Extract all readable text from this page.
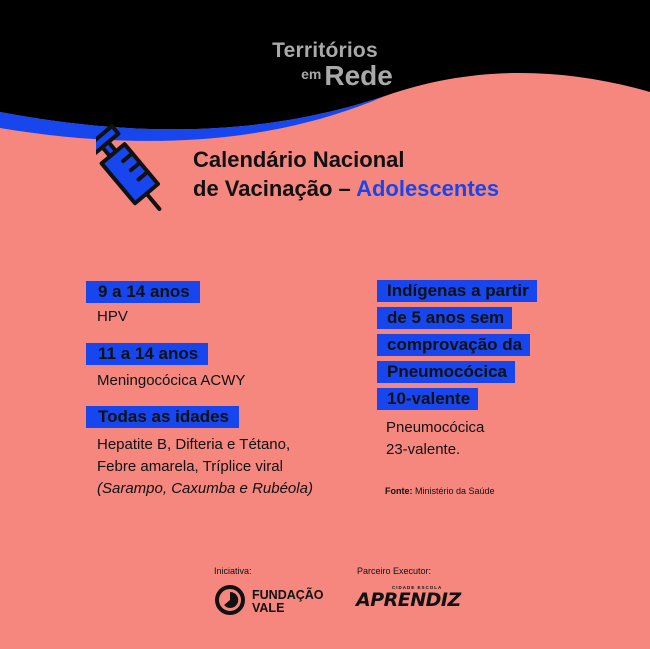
Territórios
em Rede
Calendário Nacional
de Vacinação – Adolescentes
9 a 14 anos
HPV
11 a 14 anos
Meningocócica ACWY
Todas as idades
Hepatite B, Difteria e Tétano,
Febre amarela, Tríplice viral
(Sarampo, Caxumba e Rubéola)
Indígenas a partir
de 5 anos sem
comprovação da
Pneumocócica
10-valente
Pneumocócica
23-valente.
Fonte: Ministério da Saúde
Iniciativa:
FUNDAÇÃO
VALE
Parceiro Executor:
CIDADE ESCOLA
APRENDIZ
